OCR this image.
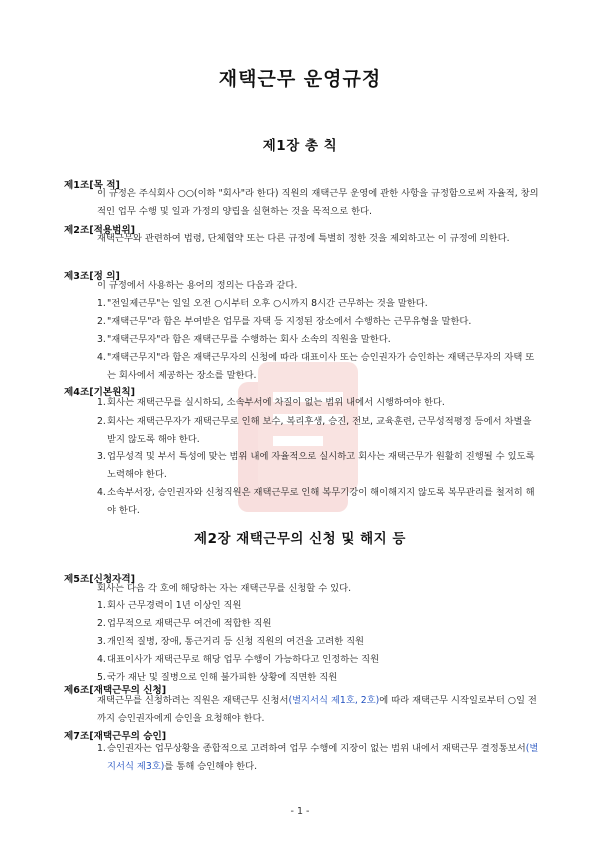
재택근무 운영규정
제1장 총 칙
제1조[목 적]
이 규정은 주식회사 ○○(이하 "회사"라 한다) 직원의 재택근무 운영에 관한 사항을 규정함으로써 자율적, 창의적인 업무 수행 및 일과 가정의 양립을 실현하는 것을 목적으로 한다.
제2조[적용범위]
재택근무와 관련하여 법령, 단체협약 또는 다른 규정에 특별히 정한 것을 제외하고는 이 규정에 의한다.
제3조[정 의]
이 규정에서 사용하는 용어의 정의는 다음과 같다.
1. "전일제근무"는 일일 오전 ○시부터 오후 ○시까지 8시간 근무하는 것을 말한다.
2. "재택근무"라 함은 부여받은 업무를 자택 등 지정된 장소에서 수행하는 근무유형을 말한다.
3. "재택근무자"라 함은 재택근무를 수행하는 회사 소속의 직원을 말한다.
4. "재택근무지"라 함은 재택근무자의 신청에 따라 대표이사 또는 승인권자가 승인하는 재택근무자의 자택 또는 회사에서 제공하는 장소를 말한다.
제4조[기본원칙]
1. 회사는 재택근무를 실시하되, 소속부서에 차질이 없는 범위 내에서 시행하여야 한다.
2. 회사는 재택근무자가 재택근무로 인해 보수, 복리후생, 승진, 전보, 교육훈련, 근무성적평정 등에서 차별을 받지 않도록 해야 한다.
3. 업무성격 및 부서 특성에 맞는 범위 내에 자율적으로 실시하고 회사는 재택근무가 원활히 진행될 수 있도록 노력해야 한다.
4. 소속부서장, 승인권자와 신청직원은 재택근무로 인해 복무기강이 해이해지지 않도록 복무관리를 철저히 해야 한다.
제2장 재택근무의 신청 및 해지 등
제5조[신청자격]
회사는 다음 각 호에 해당하는 자는 재택근무를 신청할 수 있다.
1. 회사 근무경력이 1년 이상인 직원
2. 업무적으로 재택근무 여건에 적합한 직원
3. 개인적 질병, 장애, 통근거리 등 신청 직원의 여건을 고려한 직원
4. 대표이사가 재택근무로 해당 업무 수행이 가능하다고 인정하는 직원
5. 국가 재난 및 질병으로 인해 불가피한 상황에 직면한 직원
제6조[재택근무의 신청]
재택근무를 신청하려는 직원은 재택근무 신청서(별지서식 제1호, 2호)에 따라 재택근무 시작일로부터 ○일 전까지 승인권자에게 승인을 요청해야 한다.
제7조[재택근무의 승인]
1. 승인권자는 업무상황을 종합적으로 고려하여 업무 수행에 지장이 없는 범위 내에서 재택근무 결정통보서(별지서식 제3호)를 통해 승인해야 한다.
- 1 -
